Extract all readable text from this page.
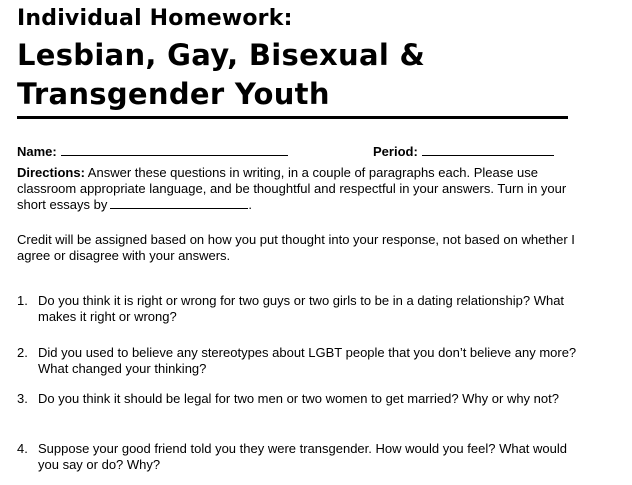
Individual Homework:
Lesbian, Gay, Bisexual &
Transgender Youth
Name:	Period:
Directions: Answer these questions in writing, in a couple of paragraphs each. Please use classroom appropriate language, and be thoughtful and respectful in your answers. Turn in your short essays by	.
Credit will be assigned based on how you put thought into your response, not based on whether I agree or disagree with your answers.
1. Do you think it is right or wrong for two guys or two girls to be in a dating relationship? What makes it right or wrong?
2. Did you used to believe any stereotypes about LGBT people that you don’t believe any more? What changed your thinking?
3. Do you think it should be legal for two men or two women to get married? Why or why not?
4. Suppose your good friend told you they were transgender. How would you feel? What would you say or do? Why?
